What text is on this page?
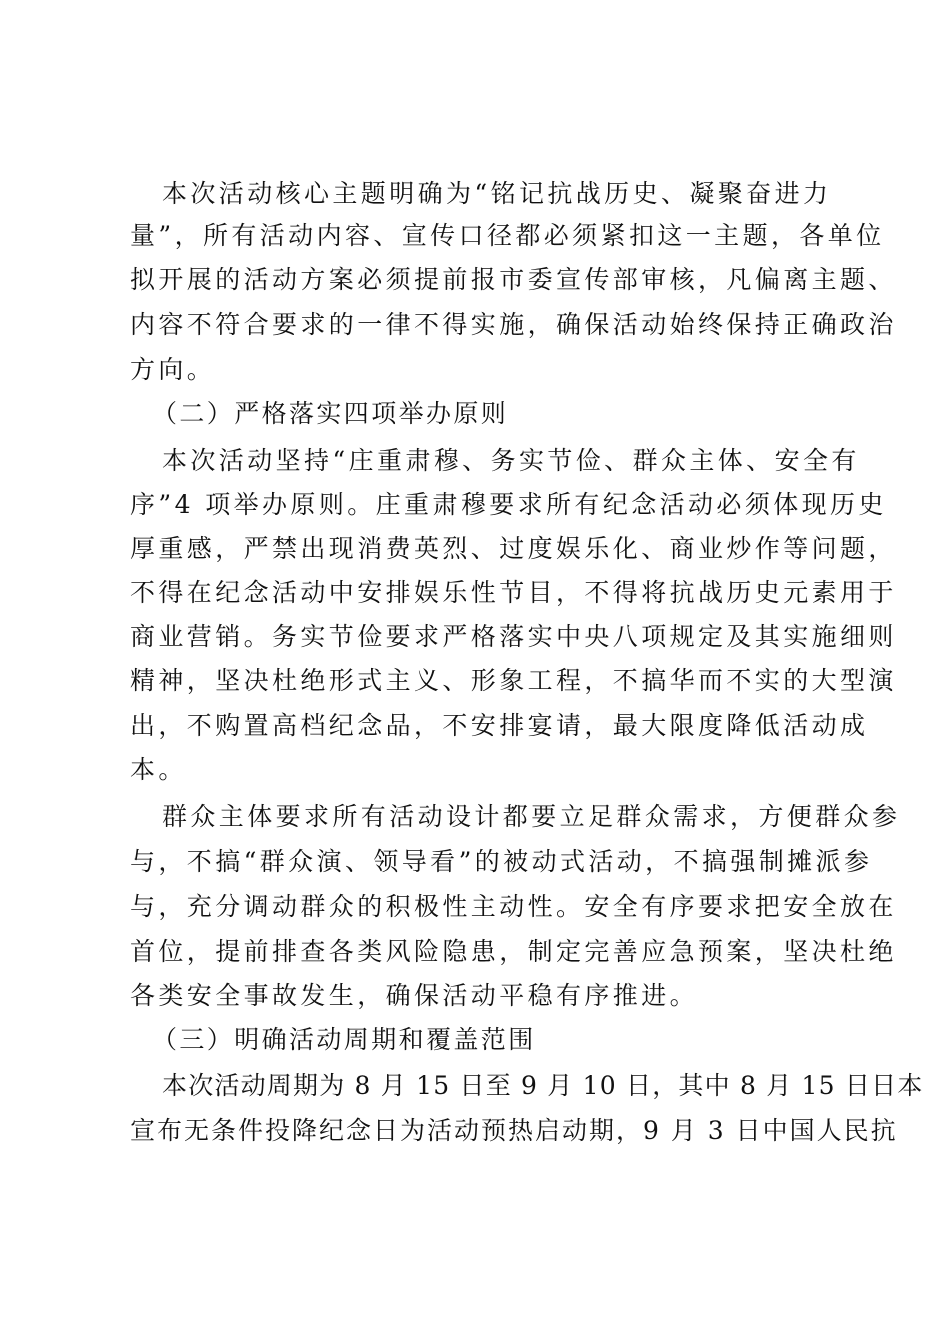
本次活动核心主题明确为“铭记抗战历史、凝聚奋进力

量”，所有活动内容、宣传口径都必须紧扣这一主题，各单位

拟开展的活动方案必须提前报市委宣传部审核，凡偏离主题、

内容不符合要求的一律不得实施，确保活动始终保持正确政治

方向。

（二）严格落实四项举办原则

本次活动坚持“庄重肃穆、务实节俭、群众主体、安全有

序”4 项举办原则。庄重肃穆要求所有纪念活动必须体现历史

厚重感，严禁出现消费英烈、过度娱乐化、商业炒作等问题，

不得在纪念活动中安排娱乐性节目，不得将抗战历史元素用于

商业营销。务实节俭要求严格落实中央八项规定及其实施细则

精神，坚决杜绝形式主义、形象工程，不搞华而不实的大型演

出，不购置高档纪念品，不安排宴请，最大限度降低活动成

本。

群众主体要求所有活动设计都要立足群众需求，方便群众参

与，不搞“群众演、领导看”的被动式活动，不搞强制摊派参

与，充分调动群众的积极性主动性。安全有序要求把安全放在

首位，提前排查各类风险隐患，制定完善应急预案，坚决杜绝

各类安全事故发生，确保活动平稳有序推进。

（三）明确活动周期和覆盖范围

本次活动周期为 8 月 15 日至 9 月 10 日，其中 8 月 15 日日本

宣布无条件投降纪念日为活动预热启动期，9 月 3 日中国人民抗
